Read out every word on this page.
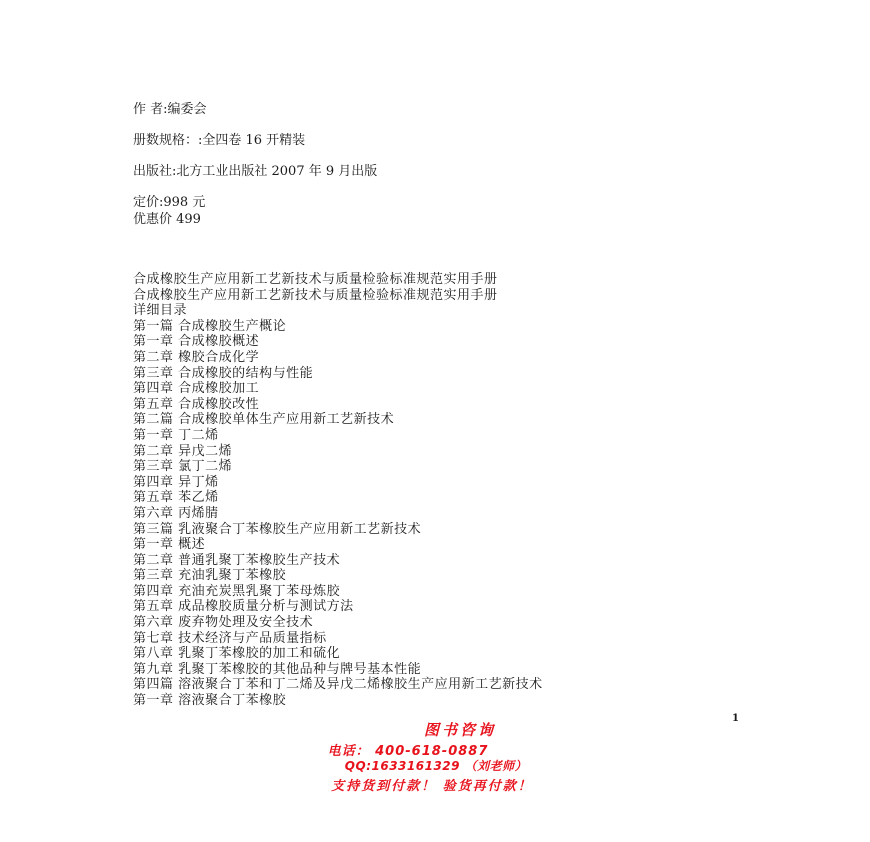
作 者:编委会
册数规格：:全四卷 16 开精装
出版社:北方工业出版社 2007 年 9 月出版
定价:998 元
优惠价 499
合成橡胶生产应用新工艺新技术与质量检验标准规范实用手册
合成橡胶生产应用新工艺新技术与质量检验标准规范实用手册
详细目录
第一篇 合成橡胶生产概论
第一章 合成橡胶概述
第二章 橡胶合成化学
第三章 合成橡胶的结构与性能
第四章 合成橡胶加工
第五章 合成橡胶改性
第二篇 合成橡胶单体生产应用新工艺新技术
第一章 丁二烯
第二章 异戊二烯
第三章 氯丁二烯
第四章 异丁烯
第五章 苯乙烯
第六章 丙烯腈
第三篇 乳液聚合丁苯橡胶生产应用新工艺新技术
第一章 概述
第二章 普通乳聚丁苯橡胶生产技术
第三章 充油乳聚丁苯橡胶
第四章 充油充炭黑乳聚丁苯母炼胶
第五章 成品橡胶质量分析与测试方法
第六章 废弃物处理及安全技术
第七章 技术经济与产品质量指标
第八章 乳聚丁苯橡胶的加工和硫化
第九章 乳聚丁苯橡胶的其他品种与牌号基本性能
第四篇 溶液聚合丁苯和丁二烯及异戊二烯橡胶生产应用新工艺新技术
第一章 溶液聚合丁苯橡胶
1
图书咨询
电话： 400-618-0887
QQ:1633161329 （刘老师）
支持货到付款！ 验货再付款！
